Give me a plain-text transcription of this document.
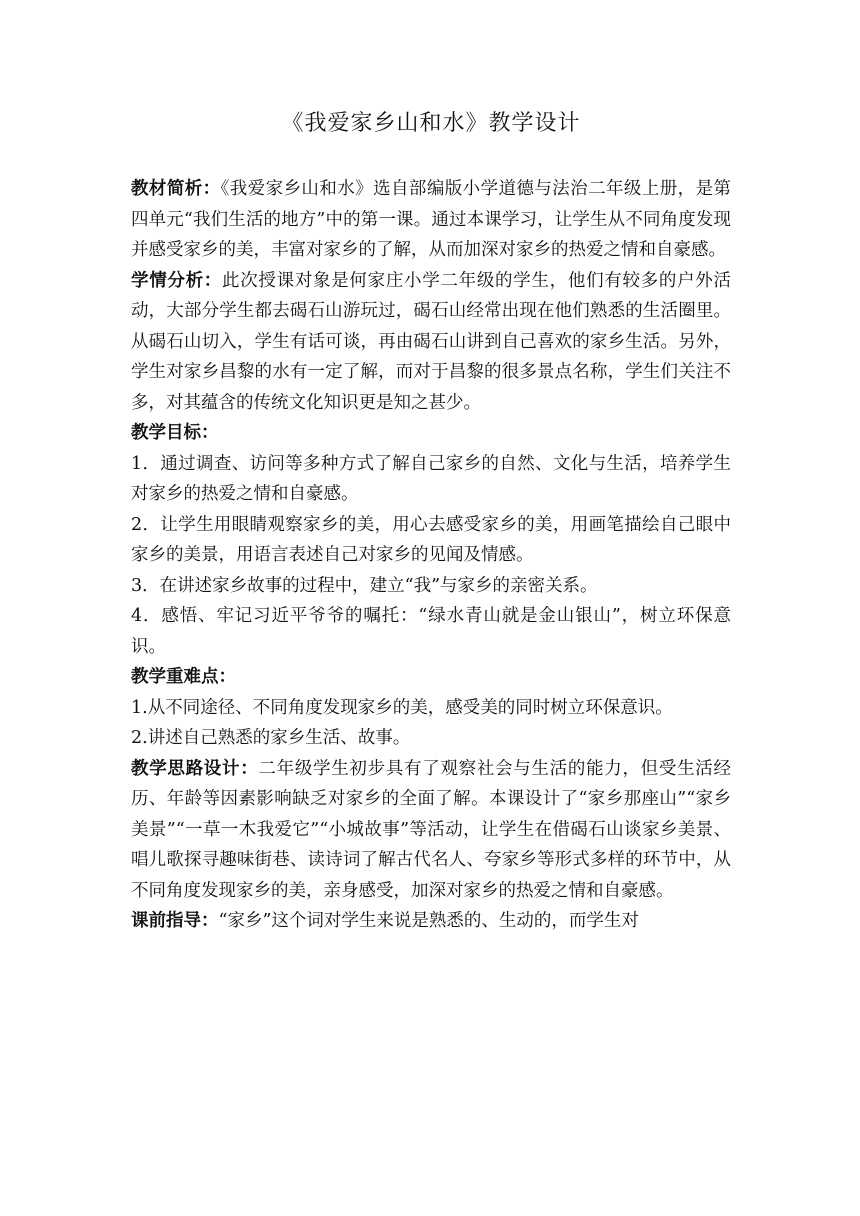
《我爱家乡山和水》教学设计

教材简析：《我爱家乡山和水》选自部编版小学道德与法治二年级上册，是第四单元“我们生活的地方”中的第一课。通过本课学习，让学生从不同角度发现并感受家乡的美，丰富对家乡的了解，从而加深对家乡的热爱之情和自豪感。

学情分析：此次授课对象是何家庄小学二年级的学生，他们有较多的户外活动，大部分学生都去碣石山游玩过，碣石山经常出现在他们熟悉的生活圈里。从碣石山切入，学生有话可谈，再由碣石山讲到自己喜欢的家乡生活。另外，学生对家乡昌黎的水有一定了解，而对于昌黎的很多景点名称，学生们关注不多，对其蕴含的传统文化知识更是知之甚少。

教学目标：

1．通过调查、访问等多种方式了解自己家乡的自然、文化与生活，培养学生对家乡的热爱之情和自豪感。

2．让学生用眼睛观察家乡的美，用心去感受家乡的美，用画笔描绘自己眼中家乡的美景，用语言表述自己对家乡的见闻及情感。

3．在讲述家乡故事的过程中，建立“我”与家乡的亲密关系。

4．感悟、牢记习近平爷爷的嘱托：“绿水青山就是金山银山”，树立环保意识。

教学重难点：

1.从不同途径、不同角度发现家乡的美，感受美的同时树立环保意识。

2.讲述自己熟悉的家乡生活、故事。

教学思路设计：二年级学生初步具有了观察社会与生活的能力，但受生活经历、年龄等因素影响缺乏对家乡的全面了解。本课设计了“家乡那座山”“家乡美景”“一草一木我爱它”“小城故事”等活动，让学生在借碣石山谈家乡美景、唱儿歌探寻趣味街巷、读诗词了解古代名人、夸家乡等形式多样的环节中，从不同角度发现家乡的美，亲身感受，加深对家乡的热爱之情和自豪感。

课前指导：“家乡”这个词对学生来说是熟悉的、生动的，而学生对
